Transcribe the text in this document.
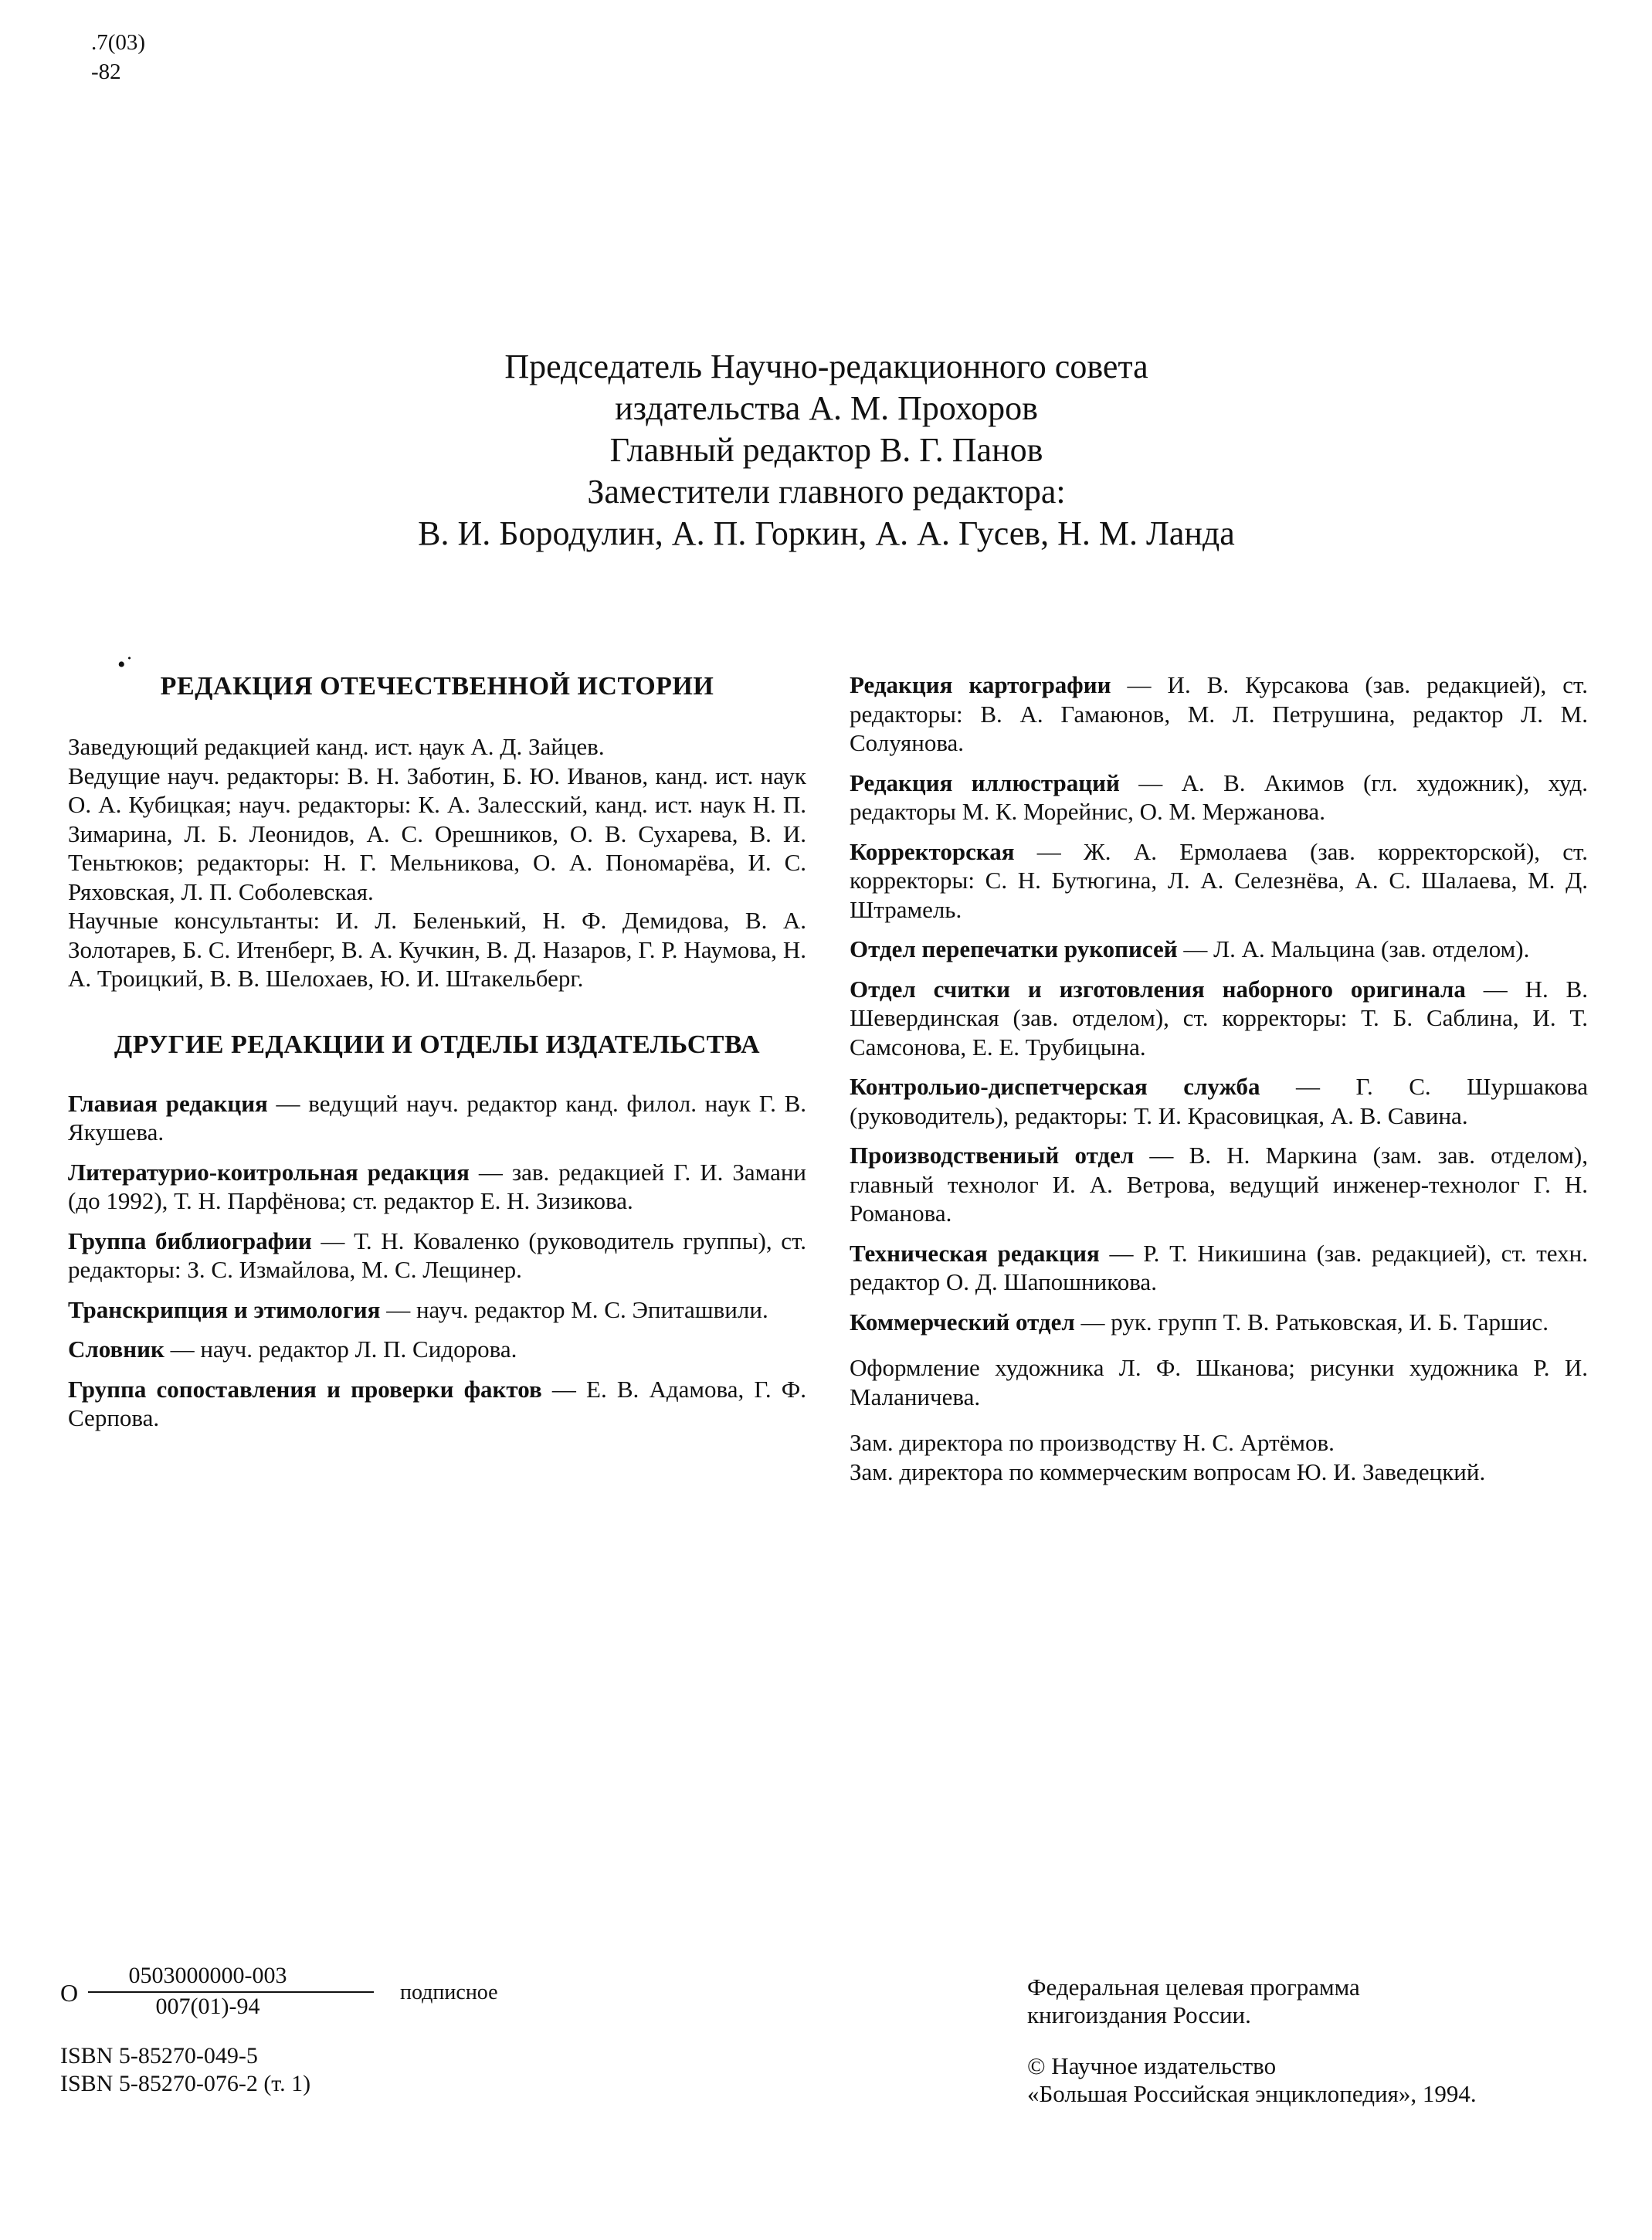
.7(03)
-82
Председатель Научно-редакционного совета
издательства А. М. Прохоров
Главный редактор В. Г. Панов
Заместители главного редактора:
В. И. Бородулин, А. П. Горкин, А. А. Гусев, Н. М. Ланда
•˙

РЕДАКЦИЯ ОТЕЧЕСТВЕННОЙ ИСТОРИИ

Заведующий редакцией канд. ист. ңаук А. Д. Зайцев.

Ведущие науч. редакторы: В. Н. Заботин, Б. Ю. Иванов, канд. ист. наук О. А. Кубицкая; науч. редакторы: К. А. Залесский, канд. ист. наук Н. П. Зимарина, Л. Б. Леонидов, А. С. Орешников, О. В. Сухарева, В. И. Теньтюков; редакторы: Н. Г. Мельникова, О. А. Пономарёва, И. С. Ряховская, Л. П. Соболевская.

Научные консультанты: И. Л. Беленький, Н. Ф. Демидова, В. А. Золотарев, Б. С. Итенберг, В. А. Кучкин, В. Д. Назаров, Г. Р. Наумова, Н. А. Троицкий, В. В. Шелохаев, Ю. И. Штакельберг.

ДРУГИЕ РЕДАКЦИИ И ОТДЕЛЫ ИЗДАТЕЛЬСТВА

Главиая редакция — ведущий науч. редактор канд. филол. наук Г. В. Якушева.

Литературио-коитрольная редакция — зав. редакцией Г. И. Замани (до 1992), Т. Н. Парфёнова; ст. редактор Е. Н. Зизикова.

Группа библиографии — Т. Н. Коваленко (руководитель группы), ст. редакторы: З. С. Измайлова, М. С. Лещинер.

Транскрипция и этимология — науч. редактор М. С. Эпиташвили.

Словник — науч. редактор Л. П. Сидорова.

Группа сопоставления и проверки фактов — Е. В. Адамова, Г. Ф. Серпова.

Редакция картографии — И. В. Курсакова (зав. редакцией), ст. редакторы: В. А. Гамаюнов, М. Л. Петрушина, редактор Л. М. Солуянова.

Редакция иллюстраций — А. В. Акимов (гл. художник), худ. редакторы М. К. Морейнис, О. М. Мержанова.

Корректорская — Ж. А. Ермолаева (зав. корректорской), ст. корректоры: С. Н. Бутюгина, Л. А. Селезнёва, А. С. Шалаева, М. Д. Штрамель.

Отдел перепечатки рукописей — Л. А. Мальцина (зав. отделом).

Отдел считки и изготовления наборного оригинала — Н. В. Шевердинская (зав. отделом), ст. корректоры: Т. Б. Саблина, И. Т. Самсонова, Е. Е. Трубицына.

Контрольио-диспетчерская служба — Г. С. Шуршакова (руководитель), редакторы: Т. И. Красовицкая, А. В. Савина.

Производствениый отдел — В. Н. Маркина (зам. зав. отделом), главный технолог И. А. Ветрова, ведущий инженер-технолог Г. Н. Романова.

Техническая редакция — Р. Т. Никишина (зав. редакцией), ст. техн. редактор О. Д. Шапошникова.

Коммерческий отдел — рук. групп Т. В. Ратьковская, И. Б. Таршис.

Оформление художника Л. Ф. Шканова; рисунки художника Р. И. Маланичева.

Зам. директора по производству Н. С. Артёмов.

Зам. директора по коммерческим вопросам Ю. И. Заведецкий.

О
0503000000-003
007(01)-94
подписное
ISBN 5-85270-049-5
ISBN 5-85270-076-2 (т. 1)
Федеральная целевая программа
книгоиздания России.
© Научное издательство
«Большая Российская энциклопедия», 1994.
